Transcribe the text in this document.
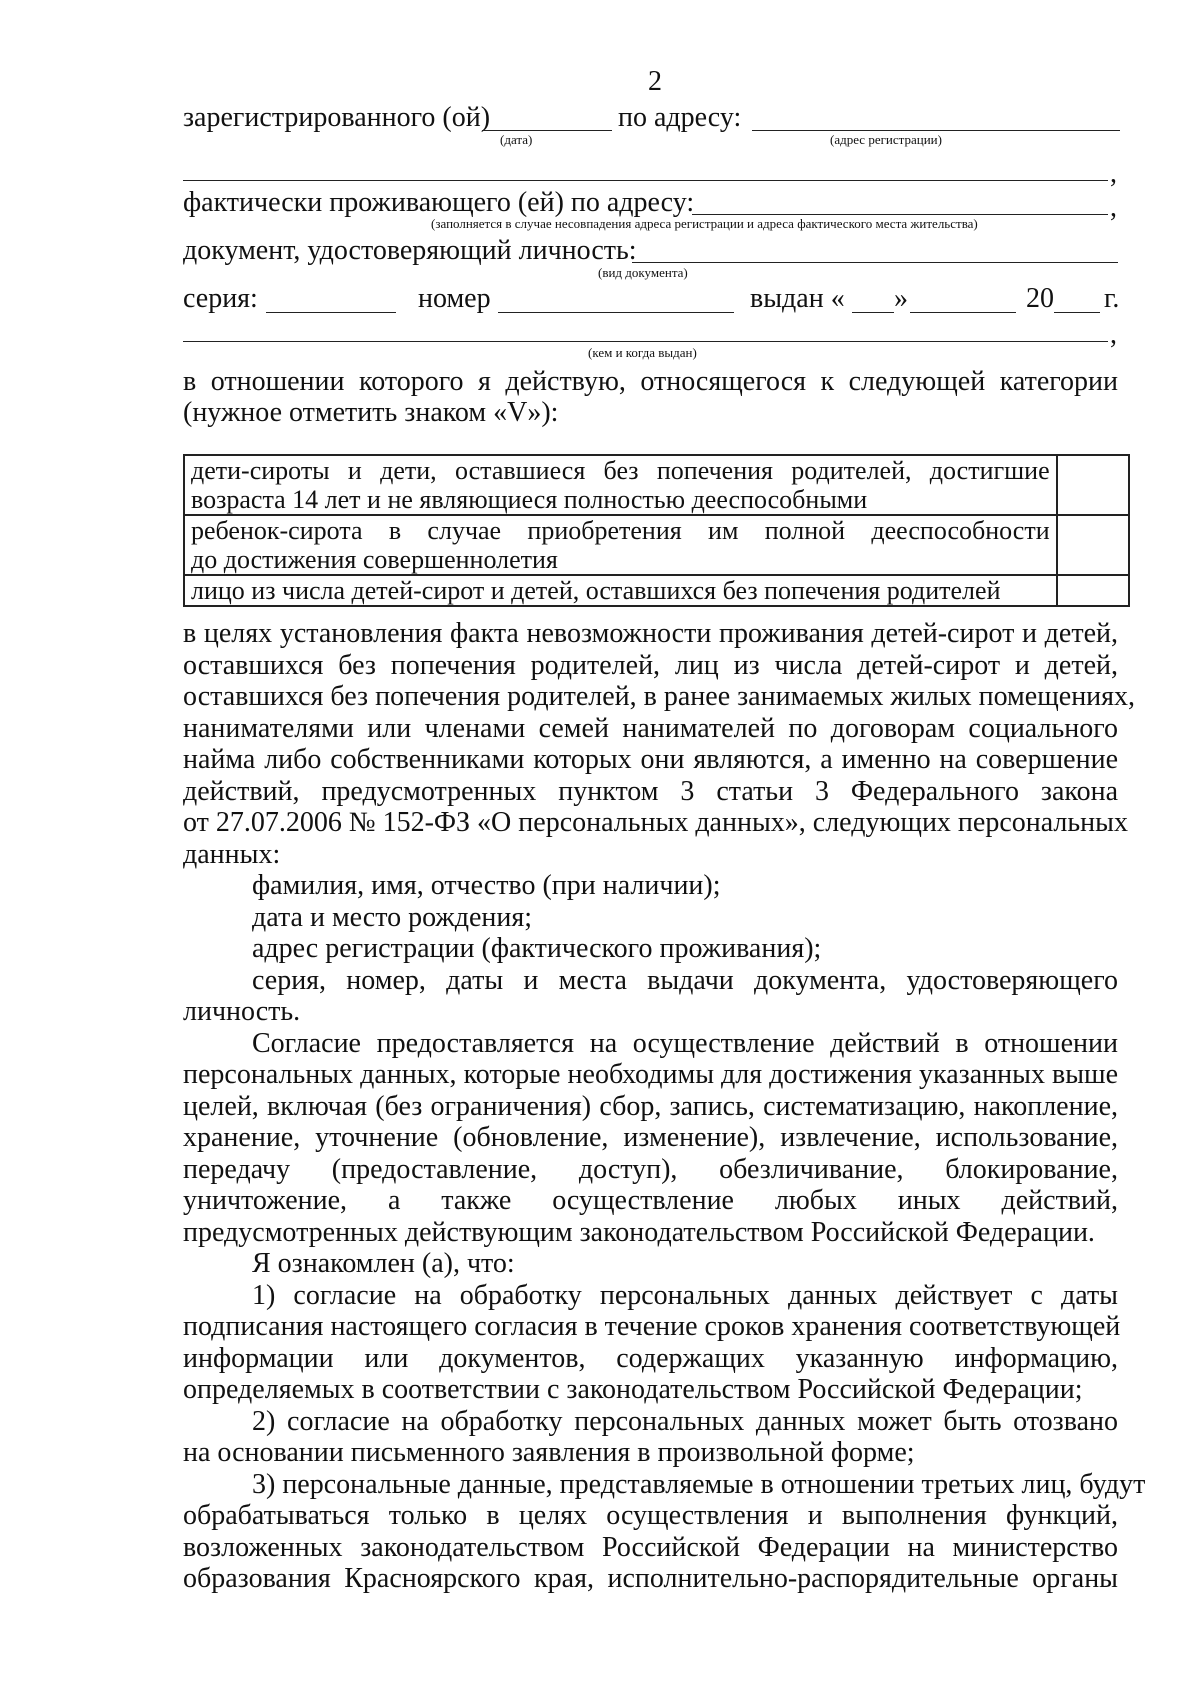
2
зарегистрированного (ой)
(дата)
по адресу:
(адрес регистрации)
,
фактически проживающего (ей) по адресу:	,
(заполняется в случае несовпадения адреса регистрации и адреса фактического места жительства)
документ, удостоверяющий личность:
(вид документа)
серия:	номер	выдан « »	20 г.
,
(кем и когда выдан)
в отношении которого я действую, относящегося к следующей категории
(нужное отметить знаком «V»):
дети-сироты и дети, оставшиеся без попечения родителей, достигшие
возраста 14 лет и не являющиеся полностью дееспособными	

ребенок-сирота в случае приобретения им полной дееспособности
до достижения совершеннолетия	

лицо из числа детей-сирот и детей, оставшихся без попечения родителей	

в целях установления факта невозможности проживания детей-сирот и детей,
оставшихся без попечения родителей, лиц из числа детей-сирот и детей,
оставшихся без попечения родителей, в ранее занимаемых жилых помещениях,
нанимателями или членами семей нанимателей по договорам социального
найма либо собственниками которых они являются, а именно на совершение
действий, предусмотренных пунктом 3 статьи 3 Федерального закона
от 27.07.2006 № 152-ФЗ «О персональных данных», следующих персональных
данных:
фамилия, имя, отчество (при наличии);
дата и место рождения;
адрес регистрации (фактического проживания);
серия, номер, даты и места выдачи документа, удостоверяющего
личность.
Согласие предоставляется на осуществление действий в отношении
персональных данных, которые необходимы для достижения указанных выше
целей, включая (без ограничения) сбор, запись, систематизацию, накопление,
хранение, уточнение (обновление, изменение), извлечение, использование,
передачу (предоставление, доступ), обезличивание, блокирование,
уничтожение, а также осуществление любых иных действий,
предусмотренных действующим законодательством Российской Федерации.
Я ознакомлен (а), что:
1) согласие на обработку персональных данных действует с даты
подписания настоящего согласия в течение сроков хранения соответствующей
информации или документов, содержащих указанную информацию,
определяемых в соответствии с законодательством Российской Федерации;
2) согласие на обработку персональных данных может быть отозвано
на основании письменного заявления в произвольной форме;
3) персональные данные, представляемые в отношении третьих лиц, будут
обрабатываться только в целях осуществления и выполнения функций,
возложенных законодательством Российской Федерации на министерство
образования Красноярского края, исполнительно-распорядительные органы
